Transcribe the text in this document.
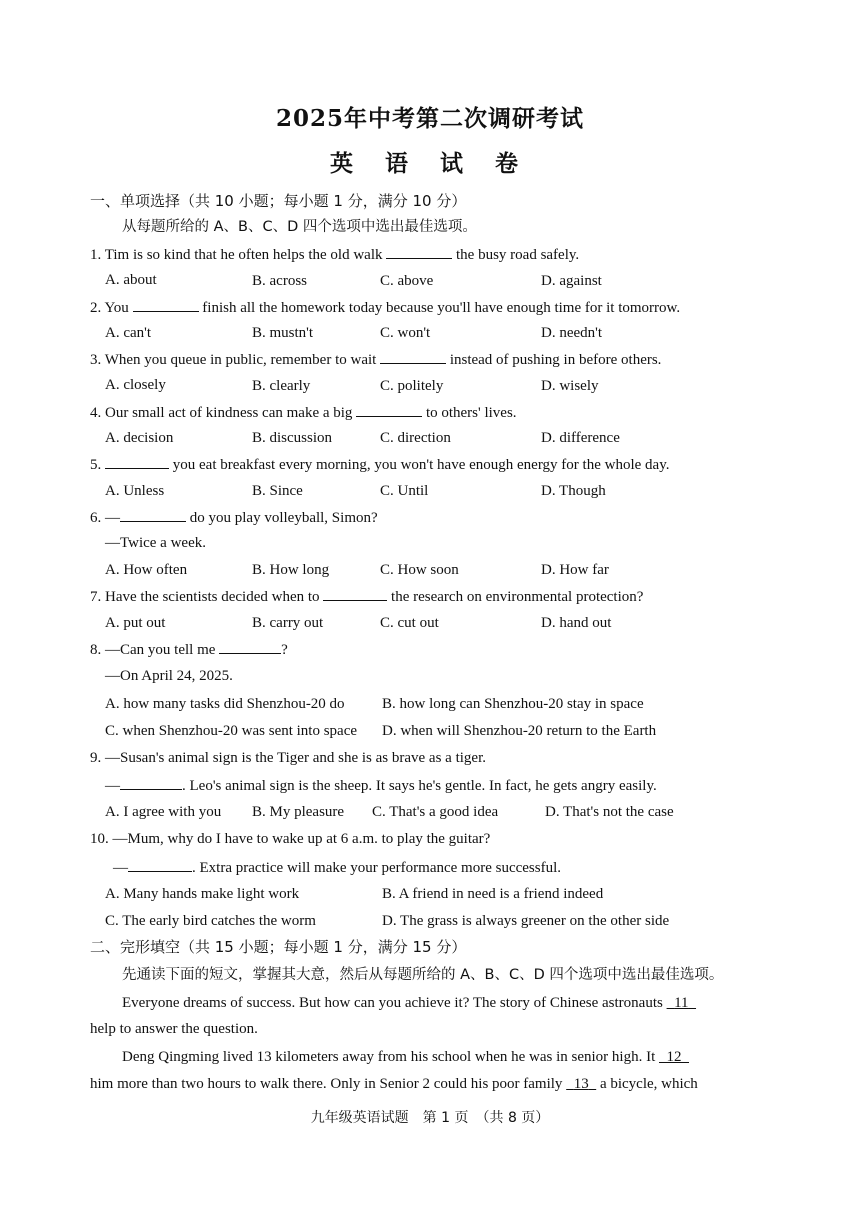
2025年中考第二次调研考试
英 语 试 卷
一、单项选择（共 10 小题；每小题 1 分，满分 10 分）
从每题所给的 A、B、C、D 四个选项中选出最佳选项。
1. Tim is so kind that he often helps the old walk	the busy road safely.
A. about	B. across	C. above	D. against
2. You	finish all the homework today because you'll have enough time for it tomorrow.
A. can't	B. mustn't	C. won't	D. needn't
3. When you queue in public, remember to wait	instead of pushing in before others.
A. closely	B. clearly	C. politely	D. wisely
4. Our small act of kindness can make a big	to others' lives.
A. decision	B. discussion	C. direction	D. difference
5.	you eat breakfast every morning, you won't have enough energy for the whole day.
A. Unless	B. Since	C. Until	D. Though
6. —	do you play volleyball, Simon?
—Twice a week.
A. How often	B. How long	C. How soon	D. How far
7. Have the scientists decided when to	the research on environmental protection?
A. put out	B. carry out	C. cut out	D. hand out
8. —Can you tell me	?
—On April 24, 2025.
A. how many tasks did Shenzhou-20 do B. how long can Shenzhou-20 stay in space
C. when Shenzhou-20 was sent into space D. when will Shenzhou-20 return to the Earth
9. —Susan's animal sign is the Tiger and she is as brave as a tiger.
—	. Leo's animal sign is the sheep. It says he's gentle. In fact, he gets angry easily.
A. I agree with you B. My pleasure C. That's a good idea	D. That's not the case
10. —Mum, why do I have to wake up at 6 a.m. to play the guitar?
—	. Extra practice will make your performance more successful.
A. Many hands make light work	B. A friend in need is a friend indeed
C. The early bird catches the worm	D. The grass is always greener on the other side
二、完形填空（共 15 小题；每小题 1 分，满分 15 分）
先通读下面的短文，掌握其大意，然后从每题所给的 A、B、C、D 四个选项中选出最佳选项。
Everyone dreams of success. But how can you achieve it? The story of Chinese astronauts 11
help to answer the question.
Deng Qingming lived 13 kilometers away from his school when he was in senior high. It 12
him more than two hours to walk there. Only in Senior 2 could his poor family 13 a bicycle, which
九年级英语试题　第 1 页　（共 8 页）
